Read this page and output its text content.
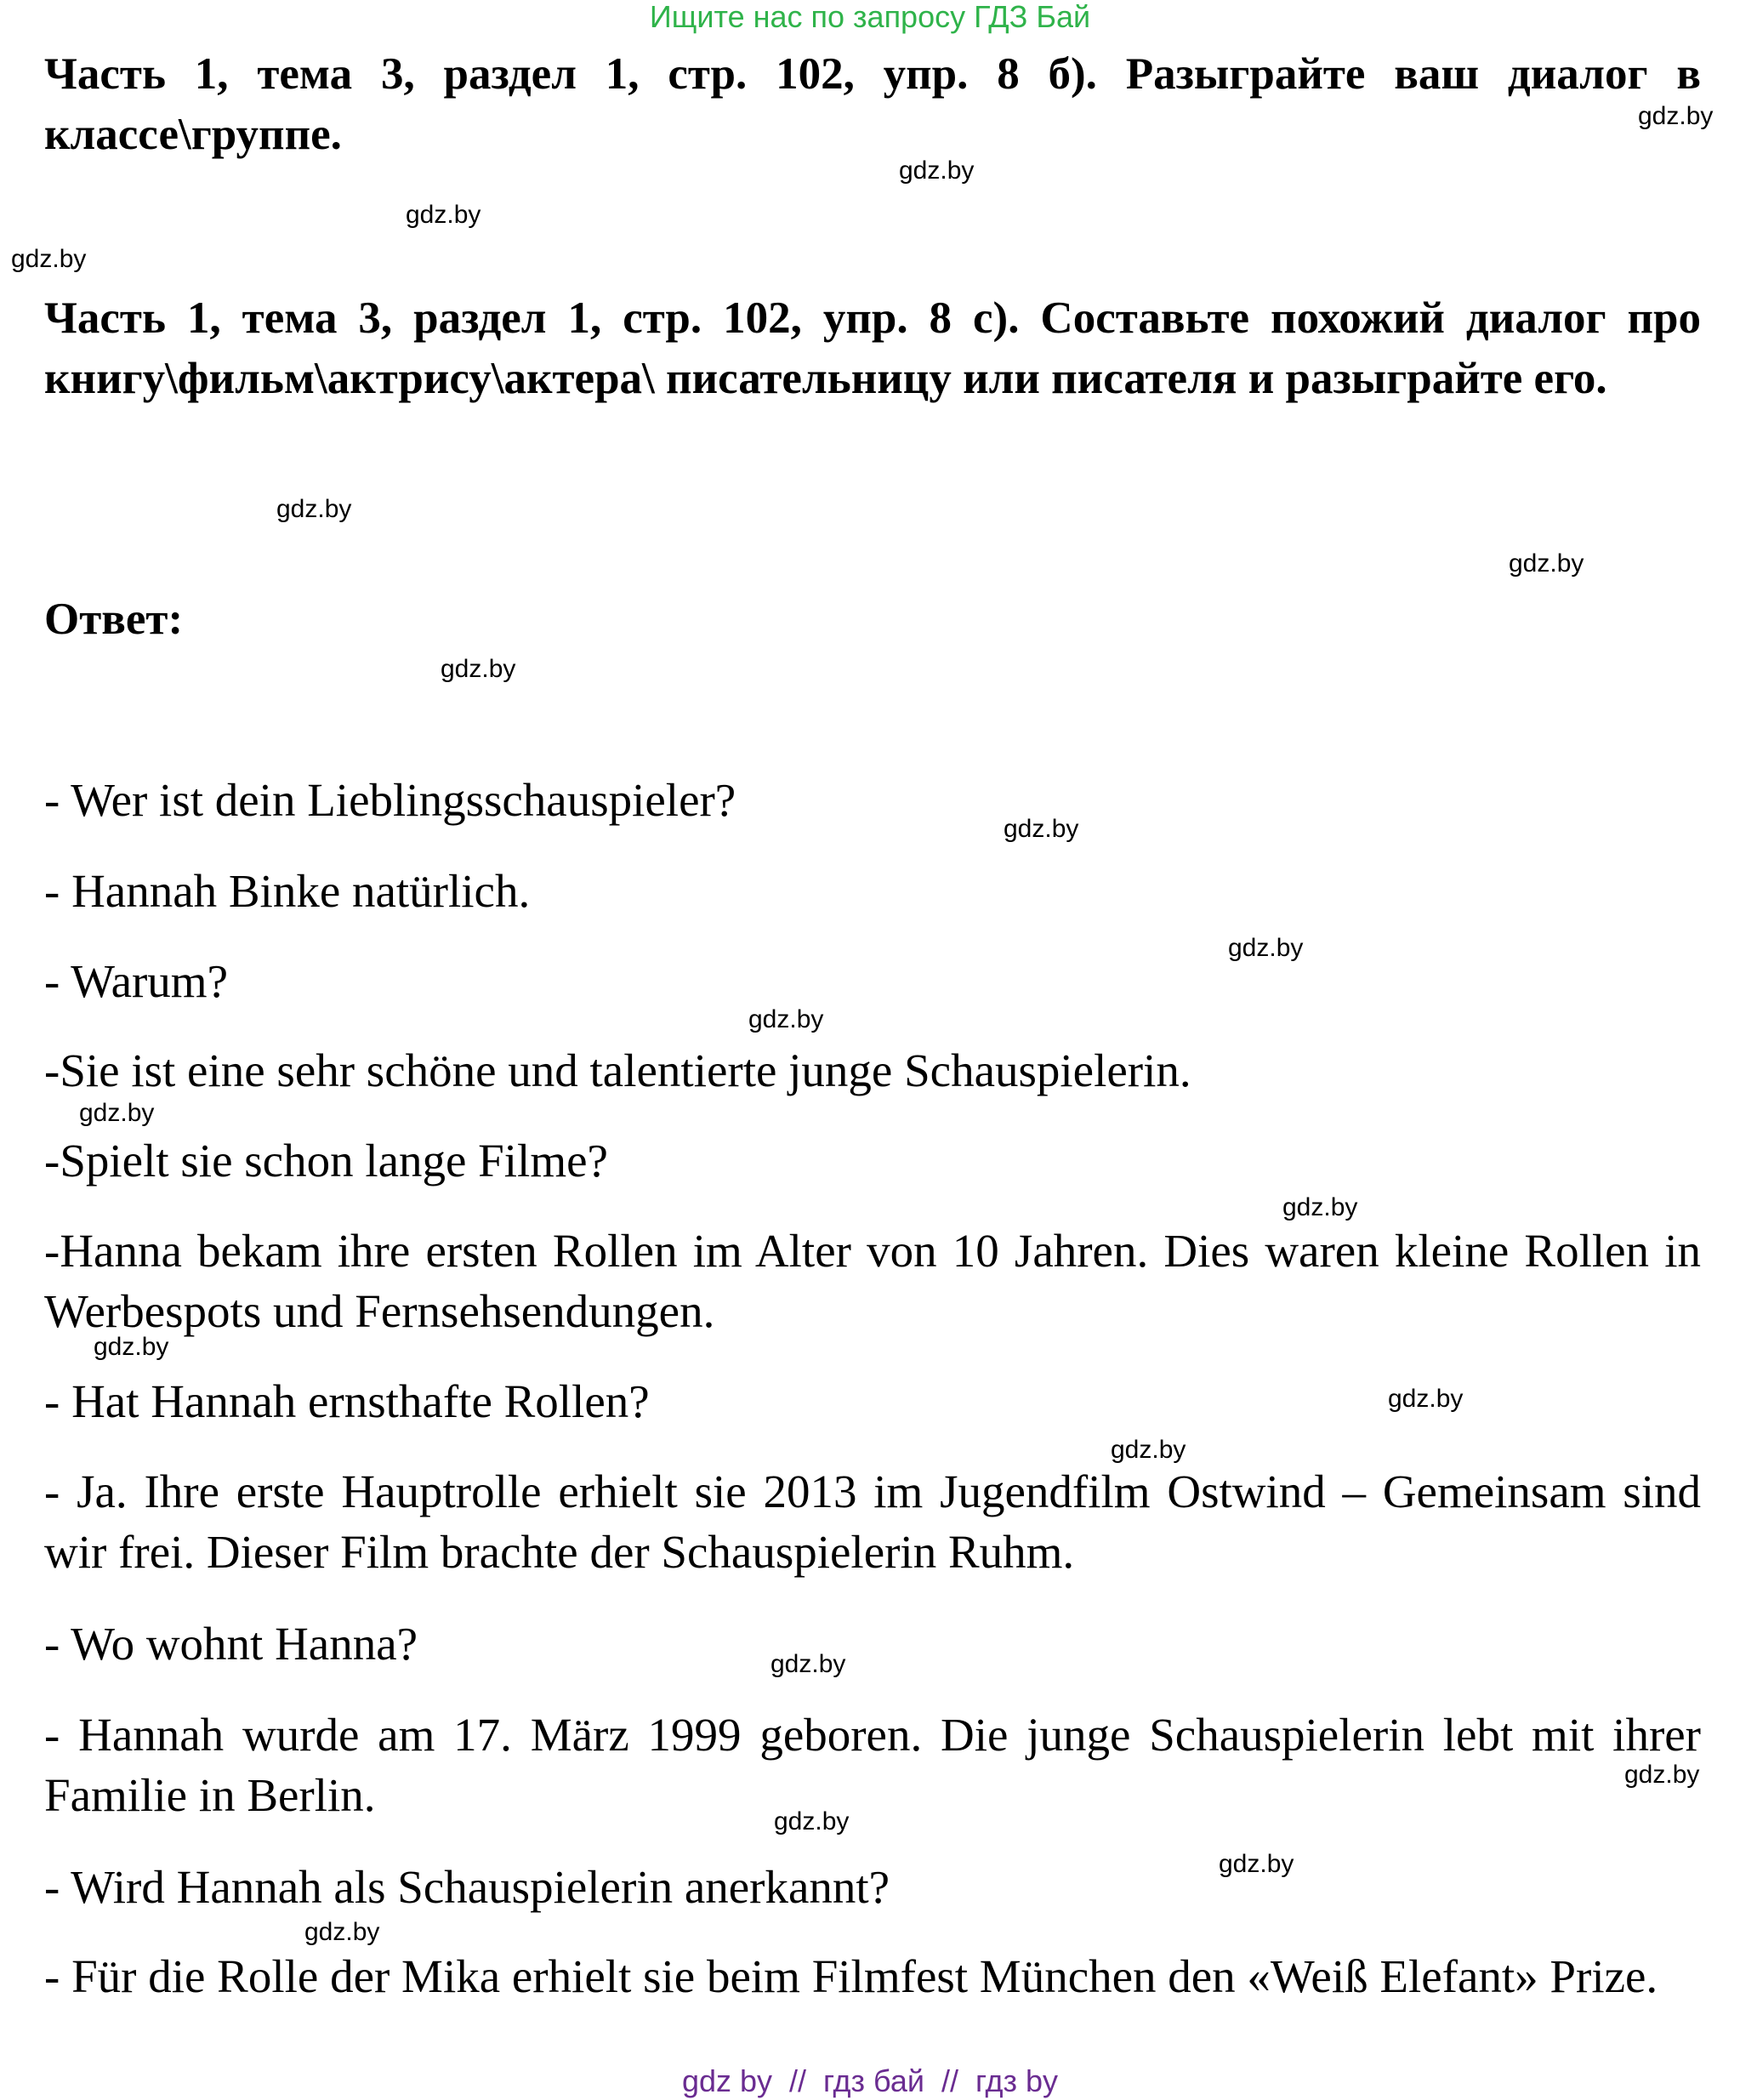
Ищите нас по запросу ГДЗ Бай

Часть 1, тема 3, раздел 1, стр. 102, упр. 8 б). Разыграйте ваш диалог в классе\группе.

Часть 1, тема 3, раздел 1, стр. 102, упр. 8 с). Составьте похожий диалог про книгу\фильм\актрису\актера\ писательницу или писателя и разыграйте его.

Ответ:

- Wer ist dein Lieblingsschauspieler?

- Hannah Binke natürlich.

- Warum?

-Sie ist eine sehr schöne und talentierte junge Schauspielerin.

-Spielt sie schon lange Filme?

-Hanna bekam ihre ersten Rollen im Alter von 10 Jahren. Dies waren kleine Rollen in Werbespots und Fernsehsendungen.

- Hat Hannah ernsthafte Rollen?

- Ja. Ihre erste Hauptrolle erhielt sie 2013 im Jugendfilm Ostwind – Gemeinsam sind wir frei. Dieser Film brachte der Schauspielerin Ruhm.

- Wo wohnt Hanna?

- Hannah wurde am 17. März 1999 geboren. Die junge Schauspielerin lebt mit ihrer Familie in Berlin.

- Wird Hannah als Schauspielerin anerkannt?

- Für die Rolle der Mika erhielt sie beim Filmfest München den «Weiß Elefant» Prize.

gdz.by
gdz.by
gdz.by
gdz.by
gdz.by
gdz.by
gdz.by
gdz.by
gdz.by
gdz.by
gdz.by
gdz.by
gdz.by
gdz.by
gdz.by
gdz.by
gdz.by
gdz.by
gdz.by
gdz.by
gdz by  //  гдз бай  //  гдз by
